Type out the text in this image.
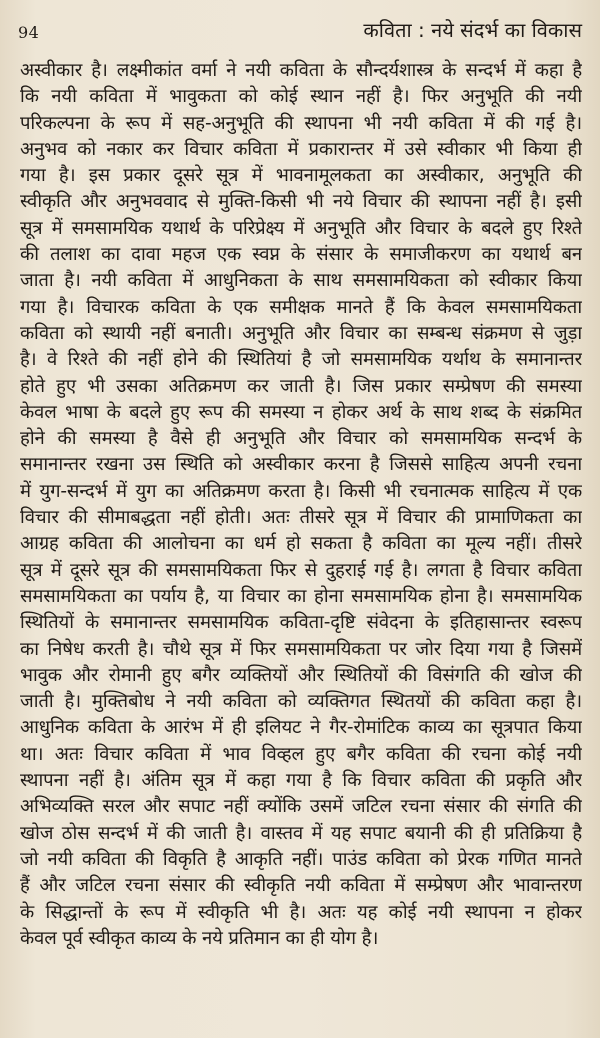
94	कविता : नये संदर्भ का विकास
अस्वीकार है। लक्ष्मीकांत वर्मा ने नयी कविता के सौन्दर्यशास्त्र के सन्दर्भ में कहा है
कि नयी कविता में भावुकता को कोई स्थान नहीं है। फिर अनुभूति की नयी
परिकल्पना के रूप में सह-अनुभूति की स्थापना भी नयी कविता में की गई है।
अनुभव को नकार कर विचार कविता में प्रकारान्तर में उसे स्वीकार भी किया ही
गया है। इस प्रकार दूसरे सूत्र में भावनामूलकता का अस्वीकार, अनुभूति की
स्वीकृति और अनुभववाद से मुक्ति-किसी भी नये विचार की स्थापना नहीं है। इसी
सूत्र में समसामयिक यथार्थ के परिप्रेक्ष्य में अनुभूति और विचार के बदले हुए रिश्ते
की तलाश का दावा महज एक स्वप्न के संसार के समाजीकरण का यथार्थ बन
जाता है। नयी कविता में आधुनिकता के साथ समसामयिकता को स्वीकार किया
गया है। विचारक कविता के एक समीक्षक मानते हैं कि केवल समसामयिकता
कविता को स्थायी नहीं बनाती। अनुभूति और विचार का सम्बन्ध संक्रमण से जुड़ा
है। वे रिश्ते की नहीं होने की स्थितियां है जो समसामयिक यर्थाथ के समानान्तर
होते हुए भी उसका अतिक्रमण कर जाती है। जिस प्रकार सम्प्रेषण की समस्या
केवल भाषा के बदले हुए रूप की समस्या न होकर अर्थ के साथ शब्द के संक्रमित
होने की समस्या है वैसे ही अनुभूति और विचार को समसामयिक सन्दर्भ के
समानान्तर रखना उस स्थिति को अस्वीकार करना है जिससे साहित्य अपनी रचना
में युग-सन्दर्भ में युग का अतिक्रमण करता है। किसी भी रचनात्मक साहित्य में एक
विचार की सीमाबद्धता नहीं होती। अतः तीसरे सूत्र में विचार की प्रामाणिकता का
आग्रह कविता की आलोचना का धर्म हो सकता है कविता का मूल्य नहीं। तीसरे
सूत्र में दूसरे सूत्र की समसामयिकता फिर से दुहराई गई है। लगता है विचार कविता
समसामयिकता का पर्याय है, या विचार का होना समसामयिक होना है। समसामयिक
स्थितियों के समानान्तर समसामयिक कविता-दृष्टि संवेदना के इतिहासान्तर स्वरूप
का निषेध करती है। चौथे सूत्र में फिर समसामयिकता पर जोर दिया गया है जिसमें
भावुक और रोमानी हुए बगैर व्यक्तियों और स्थितियों की विसंगति की खोज की
जाती है। मुक्तिबोध ने नयी कविता को व्यक्तिगत स्थितयों की कविता कहा है।
आधुनिक कविता के आरंभ में ही इलियट ने गैर-रोमांटिक काव्य का सूत्रपात किया
था। अतः विचार कविता में भाव विव्हल हुए बगैर कविता की रचना कोई नयी
स्थापना नहीं है। अंतिम सूत्र में कहा गया है कि विचार कविता की प्रकृति और
अभिव्यक्ति सरल और सपाट नहीं क्योंकि उसमें जटिल रचना संसार की संगति की
खोज ठोस सन्दर्भ में की जाती है। वास्तव में यह सपाट बयानी की ही प्रतिक्रिया है
जो नयी कविता की विकृति है आकृति नहीं। पाउंड कविता को प्रेरक गणित मानते
हैं और जटिल रचना संसार की स्वीकृति नयी कविता में सम्प्रेषण और भावान्तरण
के सिद्धान्तों के रूप में स्वीकृति भी है। अतः यह कोई नयी स्थापना न होकर
केवल पूर्व स्वीकृत काव्य के नये प्रतिमान का ही योग है।
